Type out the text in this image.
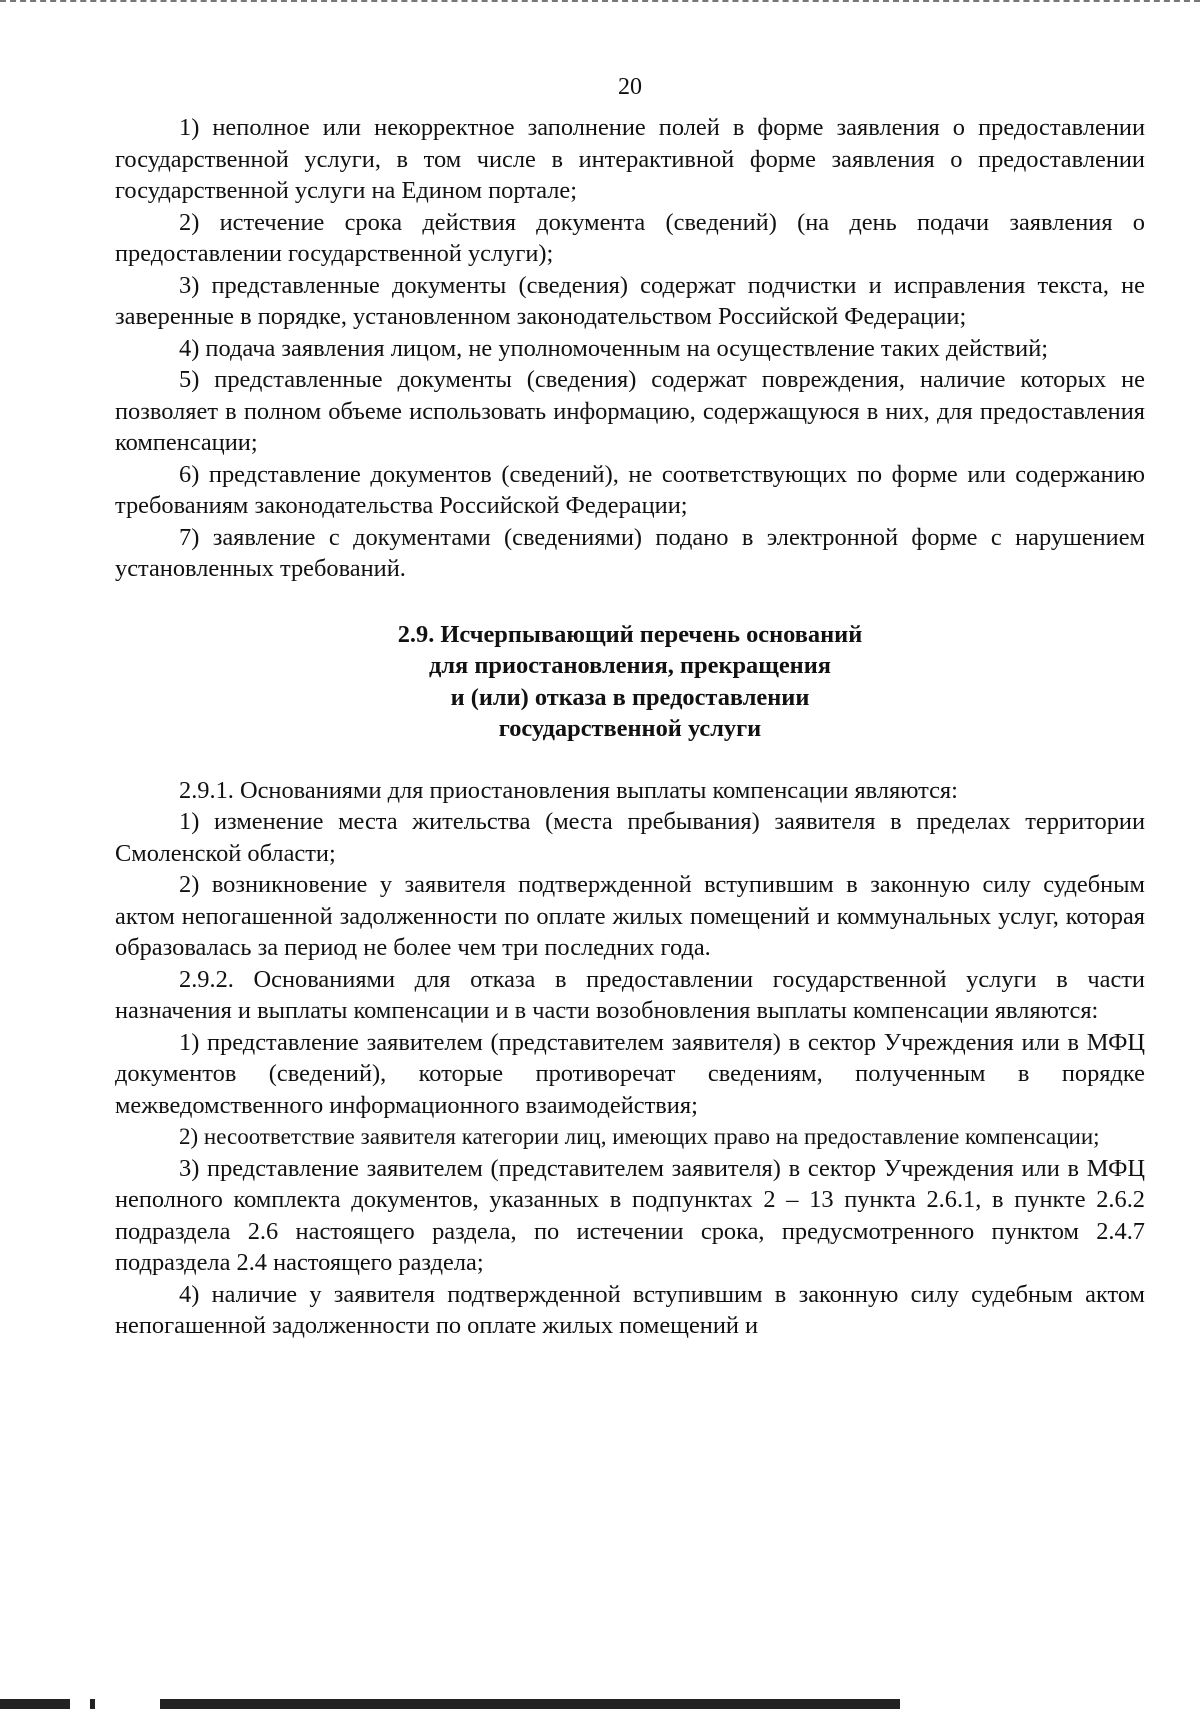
20

1) неполное или некорректное заполнение полей в форме заявления о предоставлении государственной услуги, в том числе в интерактивной форме заявления о предоставлении государственной услуги на Едином портале;

2) истечение срока действия документа (сведений) (на день подачи заявления о предоставлении государственной услуги);

3) представленные документы (сведения) содержат подчистки и исправления текста, не заверенные в порядке, установленном законодательством Российской Федерации;

4) подача заявления лицом, не уполномоченным на осуществление таких действий;

5) представленные документы (сведения) содержат повреждения, наличие которых не позволяет в полном объеме использовать информацию, содержащуюся в них, для предоставления компенсации;

6) представление документов (сведений), не соответствующих по форме или содержанию требованиям законодательства Российской Федерации;

7) заявление с документами (сведениями) подано в электронной форме с нарушением установленных требований.

2.9. Исчерпывающий перечень оснований
для приостановления, прекращения
и (или) отказа в предоставлении
государственной услуги

2.9.1. Основаниями для приостановления выплаты компенсации являются:

1) изменение места жительства (места пребывания) заявителя в пределах территории Смоленской области;

2) возникновение у заявителя подтвержденной вступившим в законную силу судебным актом непогашенной задолженности по оплате жилых помещений и коммунальных услуг, которая образовалась за период не более чем три последних года.

2.9.2. Основаниями для отказа в предоставлении государственной услуги в части назначения и выплаты компенсации и в части возобновления выплаты компенсации являются:

1) представление заявителем (представителем заявителя) в сектор Учреждения или в МФЦ документов (сведений), которые противоречат сведениям, полученным в порядке межведомственного информационного взаимодействия;

2) несоответствие заявителя категории лиц, имеющих право на предоставление компенсации;

3) представление заявителем (представителем заявителя) в сектор Учреждения или в МФЦ неполного комплекта документов, указанных в подпунктах 2 – 13 пункта 2.6.1, в пункте 2.6.2 подраздела 2.6 настоящего раздела, по истечении срока, предусмотренного пунктом 2.4.7 подраздела 2.4 настоящего раздела;

4) наличие у заявителя подтвержденной вступившим в законную силу судебным актом непогашенной задолженности по оплате жилых помещений и
